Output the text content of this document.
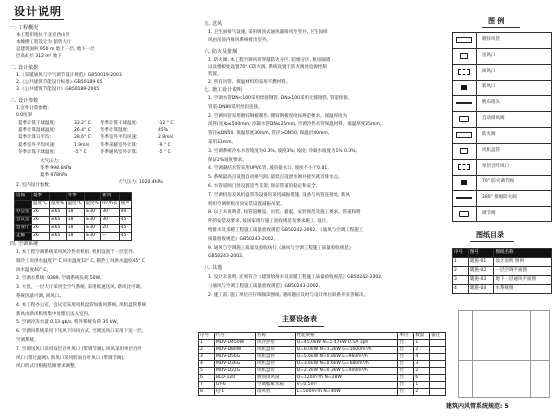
设计说明
一. 工程概况
本工程用地位于北京西山区
本幢楼工程设计为 销售大厅
总建筑面积 950 m 地上一层, 地下一层
层高4 层 312 m² 地下
二. 设计依据
1.《采暖通风与空气调节设计规范》GB50019-2003
2.《公共建筑节能设计标准》GB50189-05
3.《公共建筑节能设计》GB50189-2005
三. 设计参数
1.室外计算参数:
0.0度罩
夏季计算干球温度:	33.2° C 冬季计算干球温度:	-12 ° C
夏季计算湿球温度:	26.4° C 冬季计算湿度:	45%
夏季计算日平均:	28.6° C 冬季室外平均风速:	2.8m/s
夏季室外平均风速:	1.9m/s 冬季采暖室外计算:	-9 ° C
冬季计算干球温度:	-5 ° C	冬季通风室外计算:	-5 ° C
大气压力:
冬季 998.6hPa
夏季 978hPa
大气压力: 1020.4hPa
2. 室内设计参数:
房间	夏季		冬季		新风	
	温度°C	湿度%	温度°C	湿度%	m³/h·p	噪声
办公室	26	≤65	18	≥30	30	40
会议室	26	≤65	18	≥30	30	45
营业厅	26	≤65	18	≥30	20	45
走廊	26	≤65	18	≥30	—	45
四. 空调系统
1. 本工程空调系统采用风冷热泵机组, 机组设置于一层室外,
制冷工况供水温度7° C 回水温度12° C, 制热工况供水温度45° C
回水温度40° C。
2. 空调水系统: 9389, 空调系统负荷 50W。
3. 大堂、一层大厅采用全空气系统, 采用低速送风, 新风比可调。
系统风量可调, 回风口。
4. 本工程办公室、会议室采用风机盘管加新风系统, 风机盘管系统
新风由新风机组集中处理后送入室内。
5. 空调冷冻水量 0.13 gb/s, 机外系统负荷 35 kW。
6. 空调风系统采用下送风下回风方式, 空调送风口采用下送一层,
空调系统。
7. 空调送风口采用双层百叶风口 (带调节阀), 回风采用单层百叶
风口 (带过滤网), 新风口采用防雨百叶风口 (带调节阀),
风口形式可根据装修要求调整。
五. 送风
1. 卫生间排气设施, 采用吸顶式通风器排风至竖井, 卫生间排
风由吊顶内排风系统排出室外。
六. 防火及排烟
1. 防火阀: 本工程空调风管穿越防火分区, 防烟分区, 机房隔墙
以及楼板处设置70° C防火阀, 系统设置于防火阀处电源控制
装置。
2. 所有风管、保温材料均采用不燃材料。
七. 施工设计说明
1. 空调水管DN<100采用焊接钢管, DN≥100采用无缝钢管, 管道焊接。
管道-DN80采用丝扣连接。
2. 空调风管采用镀锌钢板制作, 镀锌钢板厚度按规范要求。保温厚度为
风管(宽)b≤500mm, 冷凝水管DN≤25mm, 空调冷热水管保温材料。保温厚度25mm。
管径≤DN50, 保温厚度30mm, 管径>DN50, 保温层40mm,
采用33mm。
3. 空调系统冷水水管坡度为0.3%, 坡度3%; 坡度; 冷凝水坡度为1% 0.3%,
保证2%坡度要求。
4. 空调凝结水管采用UPVC管, 坡向排水口, 坡度不小于0.01。
5. 系统最高点设置自动排气阀, 最低点设泄水阀并接至就近排水点。
6. 水管道阀门处设置适当支架, 保证管道的稳定和安全。
7. 空调机房及风机盘管等设备均采用减振措施, 设备与风管连接处, 新风
机组空调柜机吊顶安装设置减振吊架。
8. 以上未说明者, 按管道敷设、吊装、避震、安装规范及施工要求。管道和附
件的安装及要求, 按国家现行施工验收规范及要求施工, 设计。
给排水及采暖工程施工质量验收规范 GB50242-2002, 《通风与空调工程施工
质量验收规范》GB50243-2002。
9. 通风与空调施工质量及验收执行《通风与空调工程施工质量验收规范》
GB50243-2002。
八. 其他
1. 设计未说明, 还须符合《建筑给排水及采暖工程施工质量验收规范》GB50242-2002,
《通风与空调工程施工质量验收规范》GB50243-2002,
2. 施工前, 施工单位应仔细阅读图纸, 遇问题应及时与设计单位联系并妥善解决。
主要设备表
序号	代号	名称	性能规格	单位	数量	备注
1	MDV-D450W	风冷热泵	Q=45.0kW N=1.47kW 0.5A 3ph	台	1	
2	MDV-D80W	风机盘管	Q=8.0kW N=1.2kW G=1600m³/h	台	2	
3	MDV-D56G	风机盘管	Q=5.6kW N=0.8kW L=960m³/h	台	4	
4	MDV-D36G	风机盘管	Q=3.6kW N=0.6kW G=680m³/h	台	3	
5	MDV-D22G	风机盘管	Q=2.2kW N=0.3kW L=400m³/h	台	2	
6	BLD-120	吸顶排风扇	Q=120m³/h N=28W	台	6	
7	GY-6	空调膨胀水箱	V=0.5m³	台	1	
8	FJ-1	排风机	L=500m³/h N=40W	台	2	
图 例
镀锌风管
送风口
回风口
新风口
帆布接头
自动排风阀
防火阀
风机盘管
单层百叶风口
70° 防火调节阀
280° 排烟防火阀
调节阀
图纸目录
序号	图号	图纸名称
1	暖施-01	设计说明 图例
2	暖施-02	一层空调平面图
3	暖施-03	地下一层通风平面图
4	暖施-04	水系统图
建筑内风管系统规范: 5
